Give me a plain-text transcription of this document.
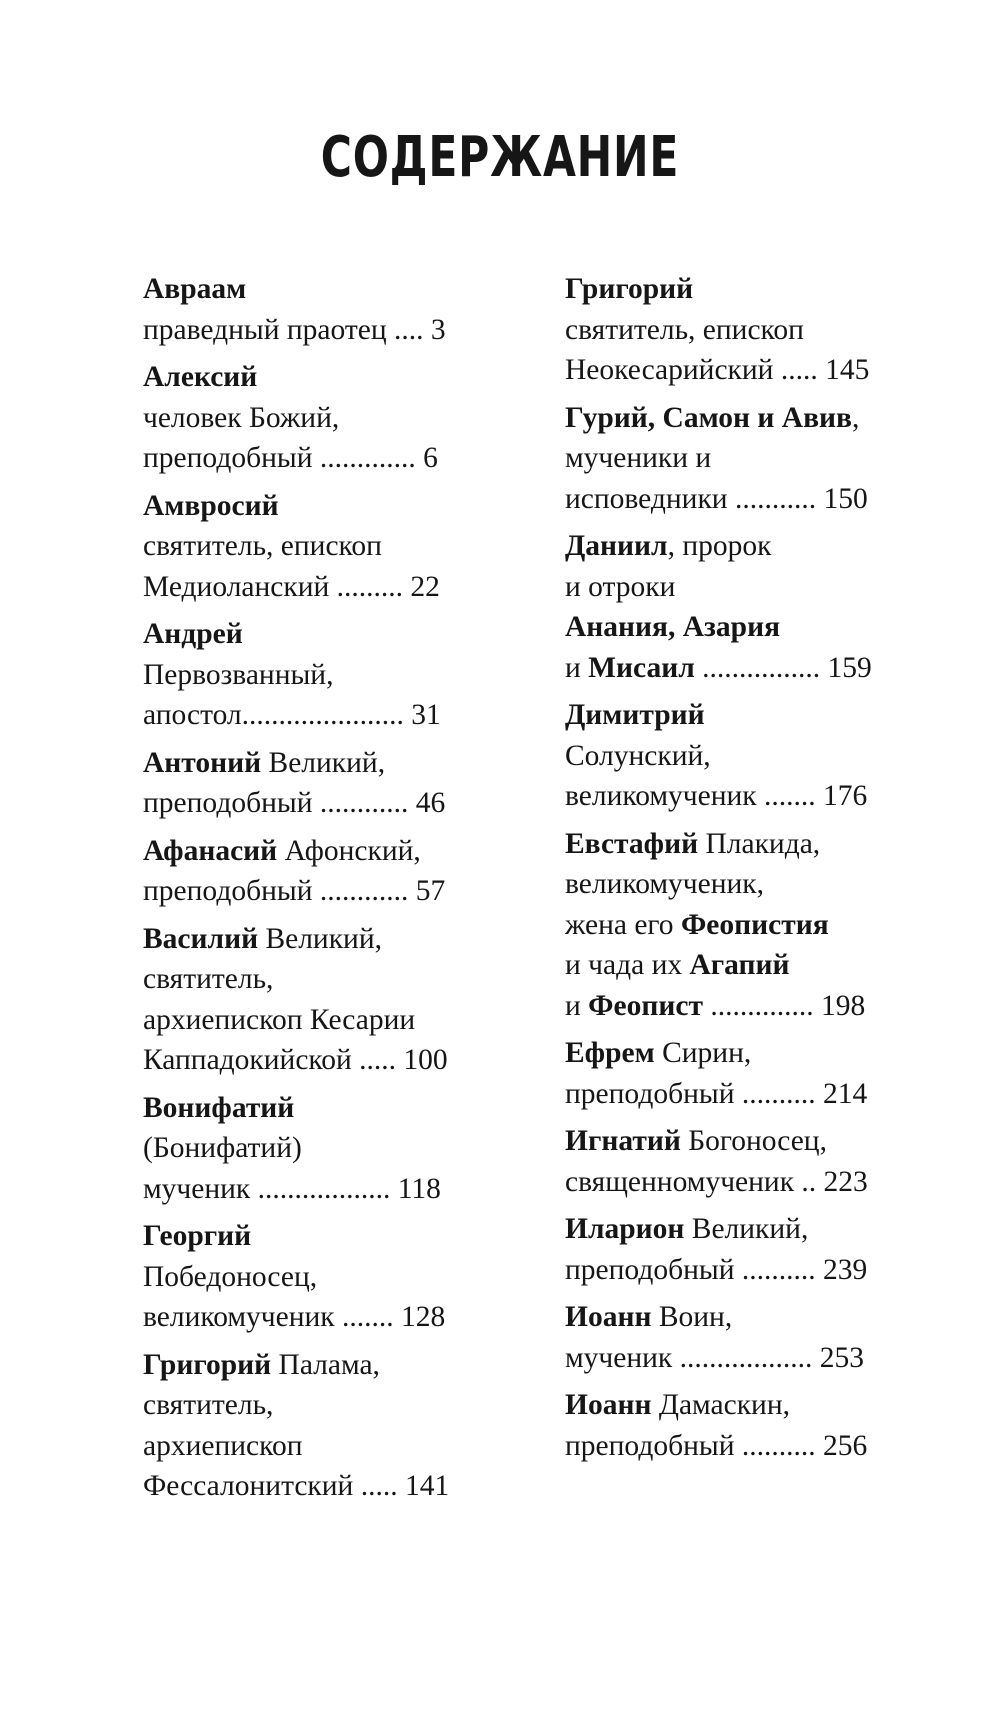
СОДЕРЖАНИЕ
Авраам
праведный праотец .... 3
Алексий
человек Божий,
преподобный ............. 6
Амвросий
святитель, епископ
Медиоланский ......... 22
Андрей
Первозванный,
апостол...................... 31
Антоний Великий,
преподобный ............ 46
Афанасий Афонский,
преподобный ............ 57
Василий Великий,
святитель,
архиепископ Кесарии
Каппадокийской ..... 100
Вонифатий
(Бонифатий)
мученик .................. 118
Георгий
Победоносец,
великомученик ....... 128
Григорий Палама,
святитель,
архиепископ
Фессалонитский ..... 141
Григорий
святитель, епископ
Неокесарийский ..... 145
Гурий, Самон и Авив,
мученики и
исповедники ........... 150
Даниил, пророк
и отроки
Анания, Азария
и Мисаил ................ 159
Димитрий
Солунский,
великомученик ....... 176
Евстафий Плакида,
великомученик,
жена его Феопистия
и чада их Агапий
и Феопист .............. 198
Ефрем Сирин,
преподобный .......... 214
Игнатий Богоносец,
священномученик .. 223
Иларион Великий,
преподобный .......... 239
Иоанн Воин,
мученик .................. 253
Иоанн Дамаскин,
преподобный .......... 256
